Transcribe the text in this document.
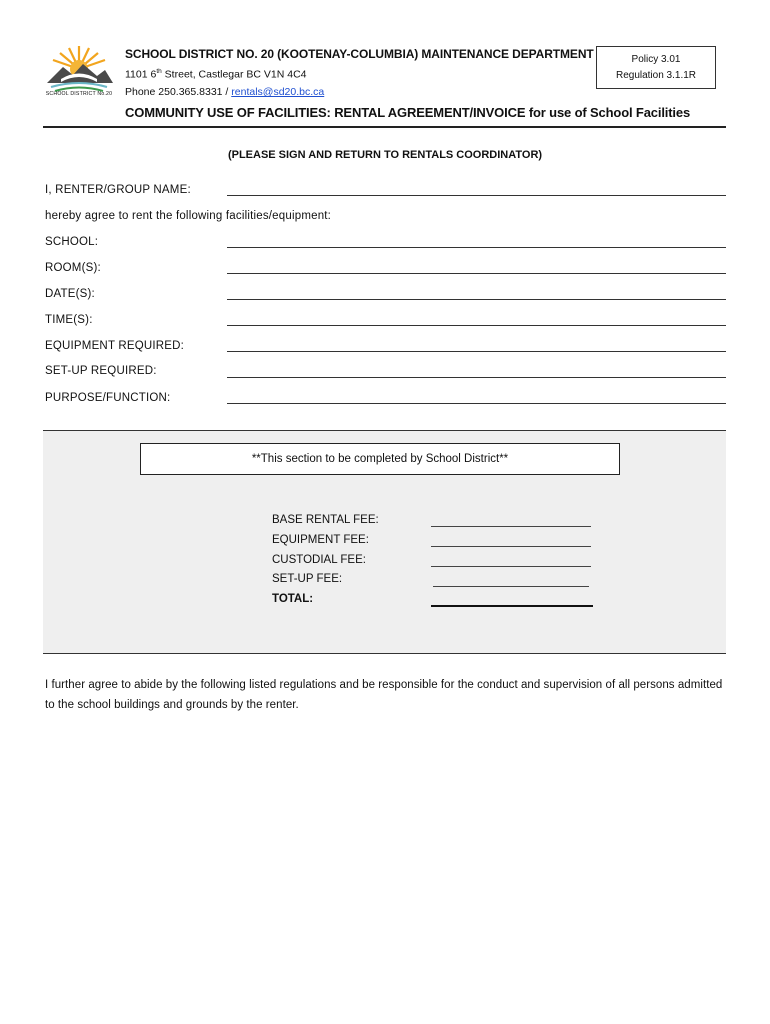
SCHOOL DISTRICT No.20
SCHOOL DISTRICT NO. 20 (KOOTENAY-COLUMBIA) MAINTENANCE DEPARTMENT
1101 6th Street, Castlegar BC V1N 4C4
Phone 250.365.8331 / rentals@sd20.bc.ca
Policy 3.01
Regulation 3.1.1R
COMMUNITY USE OF FACILITIES: RENTAL AGREEMENT/INVOICE for use of School Facilities
(PLEASE SIGN AND RETURN TO RENTALS COORDINATOR)
I, RENTER/GROUP NAME:
hereby agree to rent the following facilities/equipment:
SCHOOL:
ROOM(S):
DATE(S):
TIME(S):
EQUIPMENT REQUIRED:
SET-UP REQUIRED:
PURPOSE/FUNCTION:
**This section to be completed by School District**
BASE RENTAL FEE:
EQUIPMENT FEE:
CUSTODIAL FEE:
SET-UP FEE:
TOTAL:
I further agree to abide by the following listed regulations and be responsible for the conduct and supervision of all persons admitted to the school buildings and grounds by the renter.
